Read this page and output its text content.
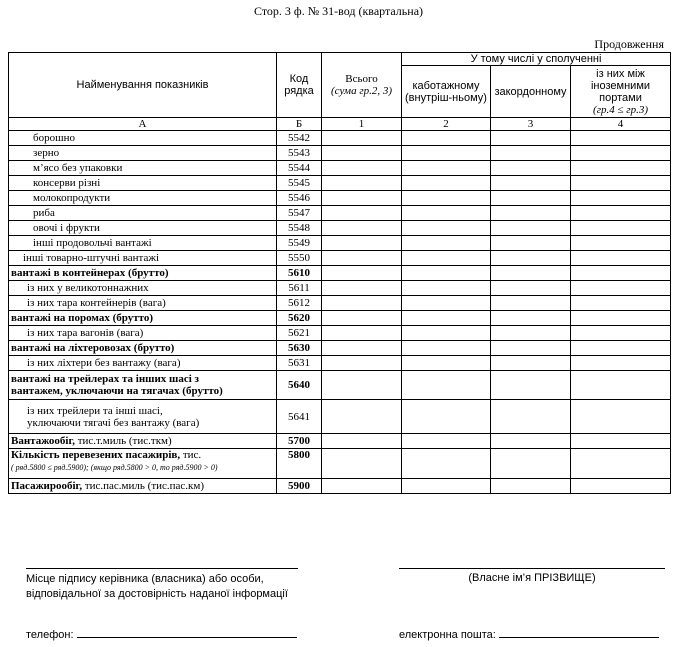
Стор. 3 ф. № 31-вод (квартальна)
Продовження
Найменування показників	Код рядка	Всього
(сума гр.2, 3)	У тому числі у сполученні		
			каботажному (внутріш-ньому)	закордонному	із них між іноземними портами
(гр.4 ≤ гр.3)
А	Б	1	2	3	4
борошно	5542				
зерно	5543				
м’ясо без упаковки	5544				
консерви різні	5545				
молокопродукти	5546				
риба	5547				
овочі і фрукти	5548				
інші продовольчі вантажі	5549				
інші товарно-штучні вантажі	5550				
вантажі в контейнерах (брутто)	5610				
із них у великотоннажних	5611				
із них тара контейнерів (вага)	5612				
вантажі на поромах (брутто)	5620				
із них тара вагонів (вага)	5621				
вантажі на ліхтеровозах (брутто)	5630				
із них ліхтери без вантажу (вага)	5631				
вантажі на трейлерах та інших шасі з
вантажем, уключаючи на тягачах (брутто)	5640				
із них трейлери та інші шасі,
уключаючи тягачі без вантажу (вага)	5641				
Вантажообіг, тис.т.миль (тис.ткм)	5700				
Кількість перевезених пасажирів, тис.
( ряд.5800 ≤ ряд.5900); (якщо ряд.5800 > 0, то ряд.5900 > 0)	5800				
Пасажирообіг, тис.пас.миль (тис.пас.км)	5900				
Місце підпису керівника (власника) або особи,
відповідальної за достовірність наданої інформації
(Власне ім’я ПРІЗВИЩЕ)
телефон:	електронна пошта:
